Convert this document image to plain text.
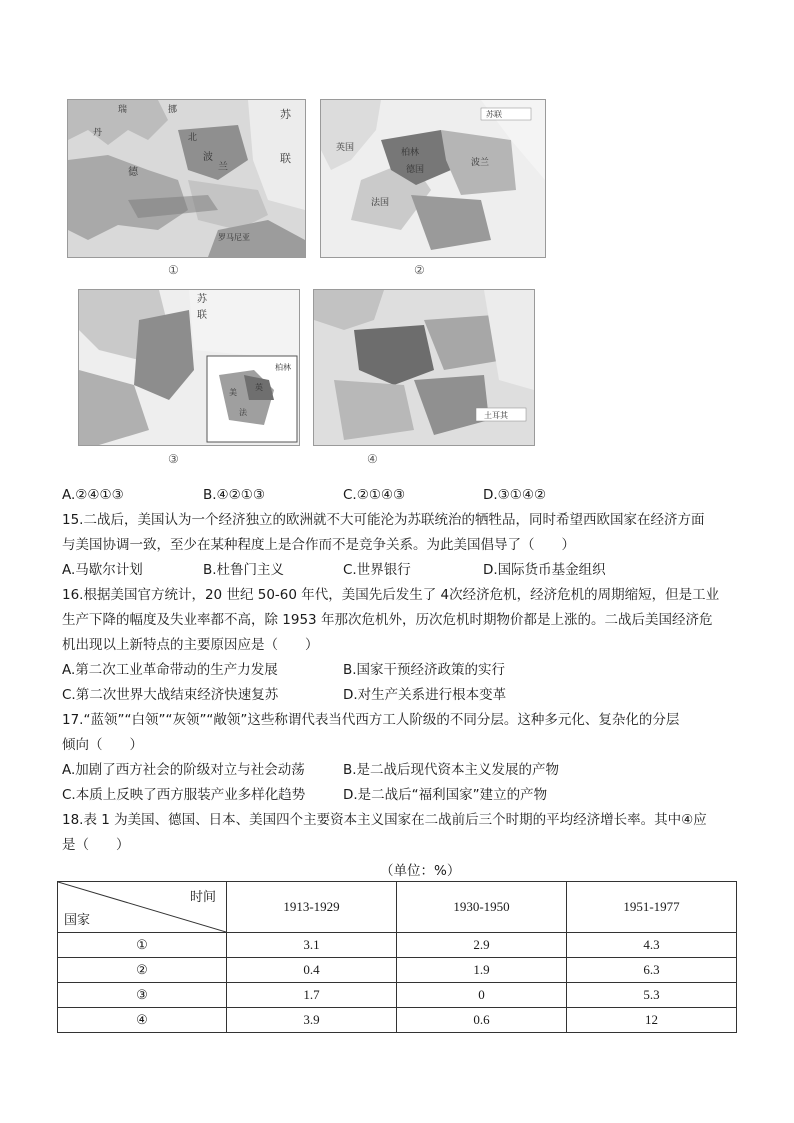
苏
联
瑞
丹
挪
北
德
波
兰
罗马尼亚
①
苏联
柏林
德国
法国
英国
波兰
②
柏林
苏
联
美
英
法
③
土耳其
④
A.②④①③	B.④②①③	C.②①④③	D.③①④②
15.二战后，美国认为一个经济独立的欧洲就不大可能沦为苏联统治的牺牲品，同时希望西欧国家在经济方面
与美国协调一致，至少在某种程度上是合作而不是竞争关系。为此美国倡导了（　　）
A.马歇尔计划	B.杜鲁门主义	C.世界银行	D.国际货币基金组织
16.根据美国官方统计，20 世纪 50-60 年代，美国先后发生了 4次经济危机，经济危机的周期缩短，但是工业
生产下降的幅度及失业率都不高，除 1953 年那次危机外，历次危机时期物价都是上涨的。二战后美国经济危
机出现以上新特点的主要原因应是（　　）
A.第二次工业革命带动的生产力发展	B.国家干预经济政策的实行
C.第二次世界大战结束经济快速复苏	D.对生产关系进行根本变革
17.“蓝领”“白领”“灰领”“敞领”这些称谓代表当代西方工人阶级的不同分层。这种多元化、复杂化的分层
倾向（　　）
A.加剧了西方社会的阶级对立与社会动荡	B.是二战后现代资本主义发展的产物
C.本质上反映了西方服装产业多样化趋势	D.是二战后“福利国家”建立的产物
18.表 1 为美国、德国、日本、美国四个主要资本主义国家在二战前后三个时期的平均经济增长率。其中④应
是（　　）
（单位：%）
时间
国家	1913-1929	1930-1950	1951-1977
①	3.1	2.9	4.3
②	0.4	1.9	6.3
③	1.7	0	5.3
④	3.9	0.6	12
